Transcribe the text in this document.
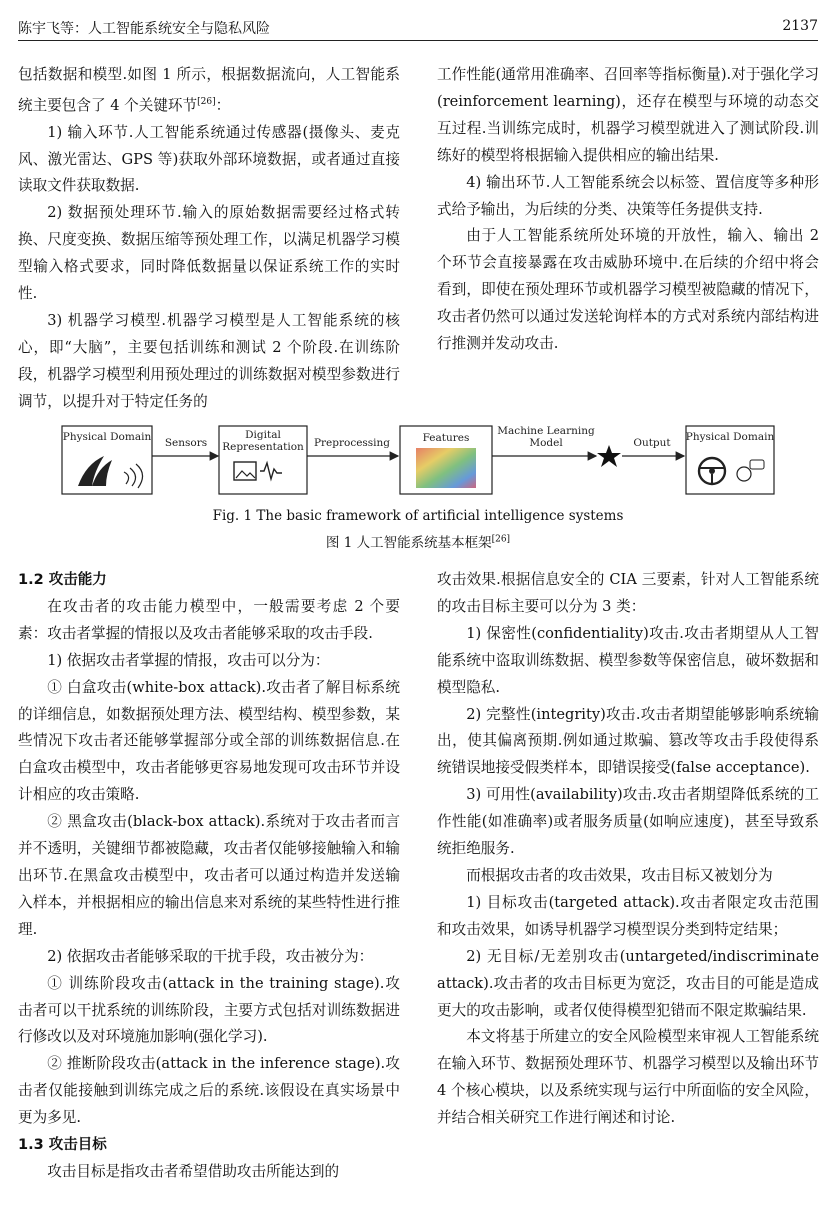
陈宇飞等：人工智能系统安全与隐私风险	2137

包括数据和模型.如图 1 所示，根据数据流向，人工智能系统主要包含了 4 个关键环节[26]：

1) 输入环节.人工智能系统通过传感器(摄像头、麦克风、激光雷达、GPS 等)获取外部环境数据，或者通过直接读取文件获取数据.

2) 数据预处理环节.输入的原始数据需要经过格式转换、尺度变换、数据压缩等预处理工作，以满足机器学习模型输入格式要求，同时降低数据量以保证系统工作的实时性.

3) 机器学习模型.机器学习模型是人工智能系统的核心，即“大脑”，主要包括训练和测试 2 个阶段.在训练阶段，机器学习模型利用预处理过的训练数据对模型参数进行调节，以提升对于特定任务的

工作性能(通常用准确率、召回率等指标衡量).对于强化学习(reinforcement learning)，还存在模型与环境的动态交互过程.当训练完成时，机器学习模型就进入了测试阶段.训练好的模型将根据输入提供相应的输出结果.

4) 输出环节.人工智能系统会以标签、置信度等多种形式给予输出，为后续的分类、决策等任务提供支持.

由于人工智能系统所处环境的开放性，输入、输出 2 个环节会直接暴露在攻击威胁环境中.在后续的介绍中将会看到，即使在预处理环节或机器学习模型被隐藏的情况下，攻击者仍然可以通过发送轮询样本的方式对系统内部结构进行推测并发动攻击.

Physical Domain Sensors
Digital
Representation Preprocessing	Features
Machine Learning
Model	Output Physical Domain
Fig. 1 The basic framework of artificial intelligence systems
图 1 人工智能系统基本框架[26]

1.2 攻击能力

在攻击者的攻击能力模型中，一般需要考虑 2 个要素：攻击者掌握的情报以及攻击者能够采取的攻击手段.

1) 依据攻击者掌握的情报，攻击可以分为：

① 白盒攻击(white-box attack).攻击者了解目标系统的详细信息，如数据预处理方法、模型结构、模型参数，某些情况下攻击者还能够掌握部分或全部的训练数据信息.在白盒攻击模型中，攻击者能够更容易地发现可攻击环节并设计相应的攻击策略.

② 黑盒攻击(black-box attack).系统对于攻击者而言并不透明，关键细节都被隐藏，攻击者仅能够接触输入和输出环节.在黑盒攻击模型中，攻击者可以通过构造并发送输入样本，并根据相应的输出信息来对系统的某些特性进行推理.

2) 依据攻击者能够采取的干扰手段，攻击被分为：

① 训练阶段攻击(attack in the training stage).攻击者可以干扰系统的训练阶段，主要方式包括对训练数据进行修改以及对环境施加影响(强化学习).

② 推断阶段攻击(attack in the inference stage).攻击者仅能接触到训练完成之后的系统.该假设在真实场景中更为多见.

1.3 攻击目标

攻击目标是指攻击者希望借助攻击所能达到的

攻击效果.根据信息安全的 CIA 三要素，针对人工智能系统的攻击目标主要可以分为 3 类：

1) 保密性(confidentiality)攻击.攻击者期望从人工智能系统中盗取训练数据、模型参数等保密信息，破坏数据和模型隐私.

2) 完整性(integrity)攻击.攻击者期望能够影响系统输出，使其偏离预期.例如通过欺骗、篡改等攻击手段使得系统错误地接受假类样本，即错误接受(false acceptance).

3) 可用性(availability)攻击.攻击者期望降低系统的工作性能(如准确率)或者服务质量(如响应速度)，甚至导致系统拒绝服务.

而根据攻击者的攻击效果，攻击目标又被划分为

1) 目标攻击(targeted attack).攻击者限定攻击范围和攻击效果，如诱导机器学习模型误分类到特定结果；

2) 无目标/无差别攻击(untargeted/indiscriminate attack).攻击者的攻击目标更为宽泛，攻击目的可能是造成更大的攻击影响，或者仅使得模型犯错而不限定欺骗结果.

本文将基于所建立的安全风险模型来审视人工智能系统在输入环节、数据预处理环节、机器学习模型以及输出环节 4 个核心模块，以及系统实现与运行中所面临的安全风险，并结合相关研究工作进行阐述和讨论.
